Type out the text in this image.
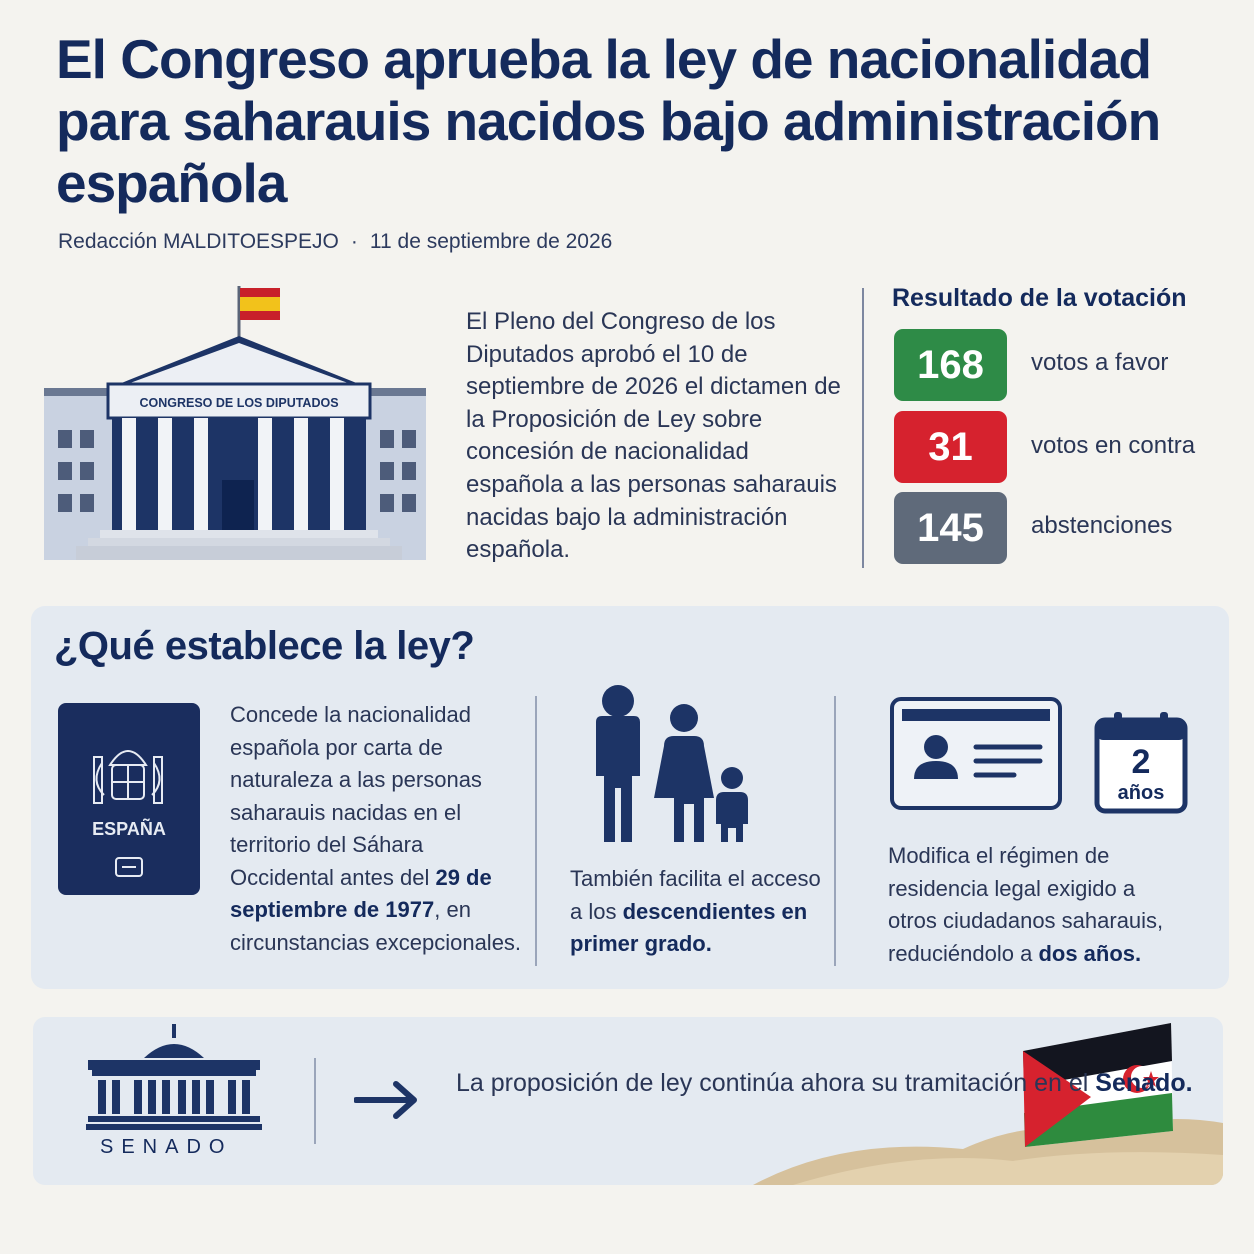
El Congreso aprueba la ley de nacionalidad para saharauis nacidos bajo administración española
Redacción MALDITOESPEJO · 11 de septiembre de 2026
CONGRESO DE LOS DIPUTADOS

El Pleno del Congreso de los Diputados aprobó el 10 de septiembre de 2026 el dictamen de la Proposición de Ley sobre concesión de nacionalidad española a las personas saharauis nacidas bajo la administración española.

Resultado de la votación
168	votos a favor
31	votos en contra
145	abstenciones
¿Qué establece la ley?
ESPAÑA

Concede la nacionalidad española por carta de naturaleza a las personas saharauis nacidas en el territorio del Sáhara Occidental antes del 29 de septiembre de 1977, en circunstancias excepcionales.

También facilita el acceso a los descendientes en primer grado.

2
años

Modifica el régimen de residencia legal exigido a otros ciudadanos saharauis, reduciéndolo a dos años.

SENADO

La proposición de ley continúa ahora su tramitación en el Senado.
